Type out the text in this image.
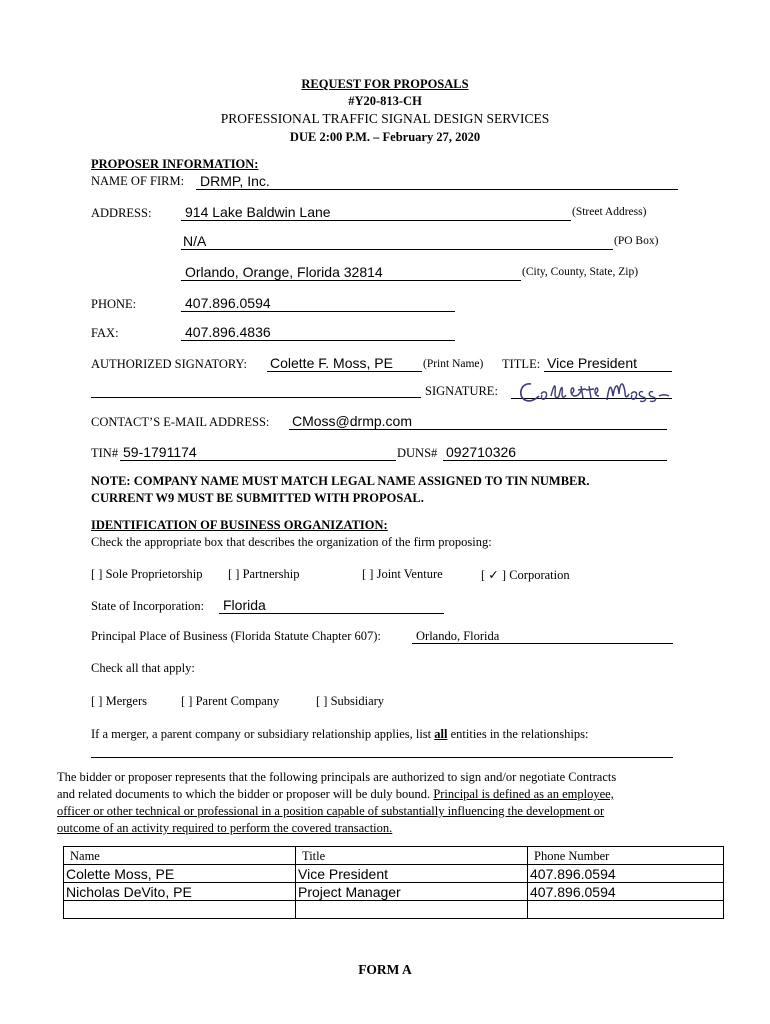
REQUEST FOR PROPOSALS
#Y20-813-CH
PROFESSIONAL TRAFFIC SIGNAL DESIGN SERVICES
DUE 2:00 P.M. – February 27, 2020
PROPOSER INFORMATION:
NAME OF FIRM: DRMP, Inc.
ADDRESS: 914 Lake Baldwin Lane	(Street Address)
N/A	(PO Box)
Orlando, Orange, Florida 32814	(City, County, State, Zip)
PHONE:	407.896.0594
FAX:	407.896.4836
AUTHORIZED SIGNATORY: Colette F. Moss, PE	(Print Name) TITLE: Vice President
SIGNATURE:
Colette Moss
CONTACT’S E-MAIL ADDRESS: CMoss@drmp.com
TIN# 59-1791174	DUNS# 092710326
NOTE: COMPANY NAME MUST MATCH LEGAL NAME ASSIGNED TO TIN NUMBER.
CURRENT W9 MUST BE SUBMITTED WITH PROPOSAL.
IDENTIFICATION OF BUSINESS ORGANIZATION:
Check the appropriate box that describes the organization of the firm proposing:
[ ] Sole Proprietorship [ ] Partnership	[ ] Joint Venture	[ ✓ ] Corporation
State of Incorporation: Florida
Principal Place of Business (Florida Statute Chapter 607):	Orlando, Florida
Check all that apply:
[ ] Mergers	[ ] Parent Company	[ ] Subsidiary
If a merger, a parent company or subsidiary relationship applies, list all entities in the relationships:
The bidder or proposer represents that the following principals are authorized to sign and/or negotiate Contracts
and related documents to which the bidder or proposer will be duly bound. Principal is defined as an employee,
officer or other technical or professional in a position capable of substantially influencing the development or
outcome of an activity required to perform the covered transaction.
Name	Title	Phone Number
Colette Moss, PE	Vice President	407.896.0594
Nicholas DeVito, PE	Project Manager	407.896.0594

FORM A
